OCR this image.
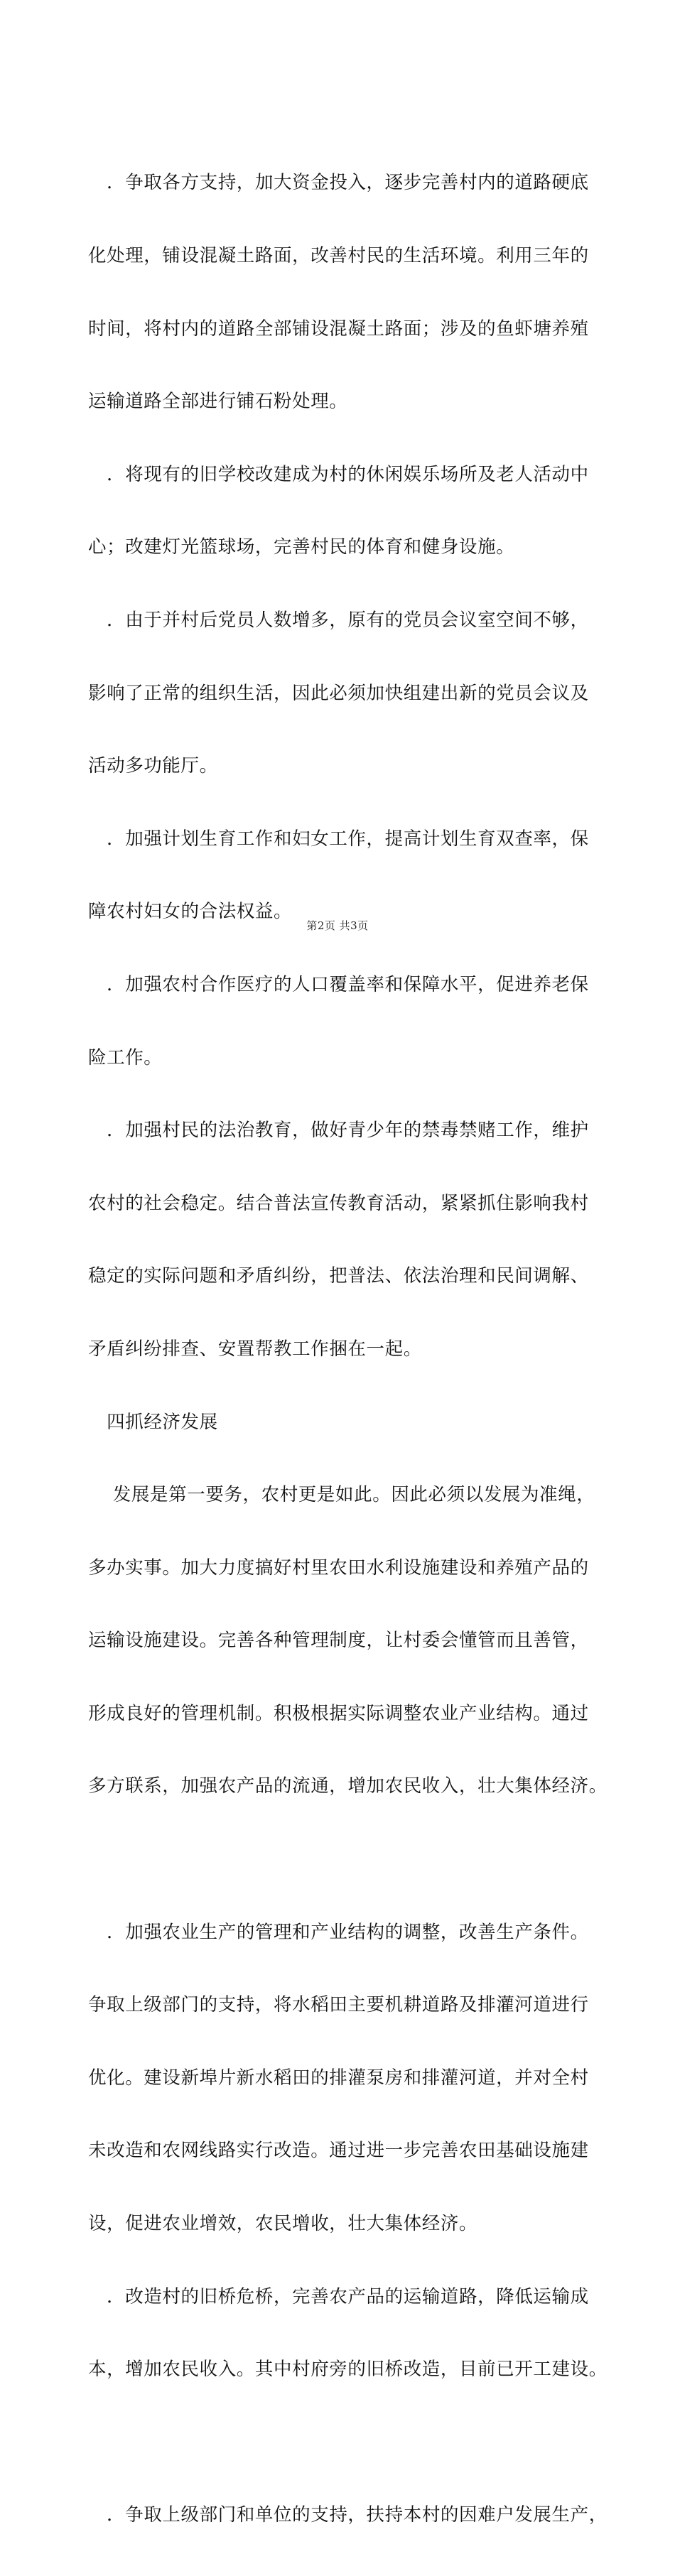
．争取各方支持，加大资金投入，逐步完善村内的道路硬底

化处理，铺设混凝土路面，改善村民的生活环境。利用三年的

时间，将村内的道路全部铺设混凝土路面；涉及的鱼虾塘养殖

运输道路全部进行铺石粉处理。

．将现有的旧学校改建成为村的休闲娱乐场所及老人活动中

心；改建灯光篮球场，完善村民的体育和健身设施。

．由于并村后党员人数增多，原有的党员会议室空间不够，

影响了正常的组织生活，因此必须加快组建出新的党员会议及

活动多功能厅。

．加强计划生育工作和妇女工作，提高计划生育双查率，保

障农村妇女的合法权益。

．加强农村合作医疗的人口覆盖率和保障水平，促进养老保

险工作。

．加强村民的法治教育，做好青少年的禁毒禁赌工作，维护

农村的社会稳定。结合普法宣传教育活动，紧紧抓住影响我村

稳定的实际问题和矛盾纠纷，把普法、依法治理和民间调解、

矛盾纠纷排查、安置帮教工作捆在一起。

四抓经济发展

发展是第一要务，农村更是如此。因此必须以发展为准绳，

多办实事。加大力度搞好村里农田水利设施建设和养殖产品的

运输设施建设。完善各种管理制度，让村委会懂管而且善管，

形成良好的管理机制。积极根据实际调整农业产业结构。通过

多方联系，加强农产品的流通，增加农民收入，壮大集体经济。

．加强农业生产的管理和产业结构的调整，改善生产条件。

争取上级部门的支持，将水稻田主要机耕道路及排灌河道进行

优化。建设新埠片新水稻田的排灌泵房和排灌河道，并对全村

未改造和农网线路实行改造。通过进一步完善农田基础设施建

设，促进农业增效，农民增收，壮大集体经济。

．改造村的旧桥危桥，完善农产品的运输道路，降低运输成

本，增加农民收入。其中村府旁的旧桥改造，目前已开工建设。

．争取上级部门和单位的支持，扶持本村的因难户发展生产，

第2页 共3页
